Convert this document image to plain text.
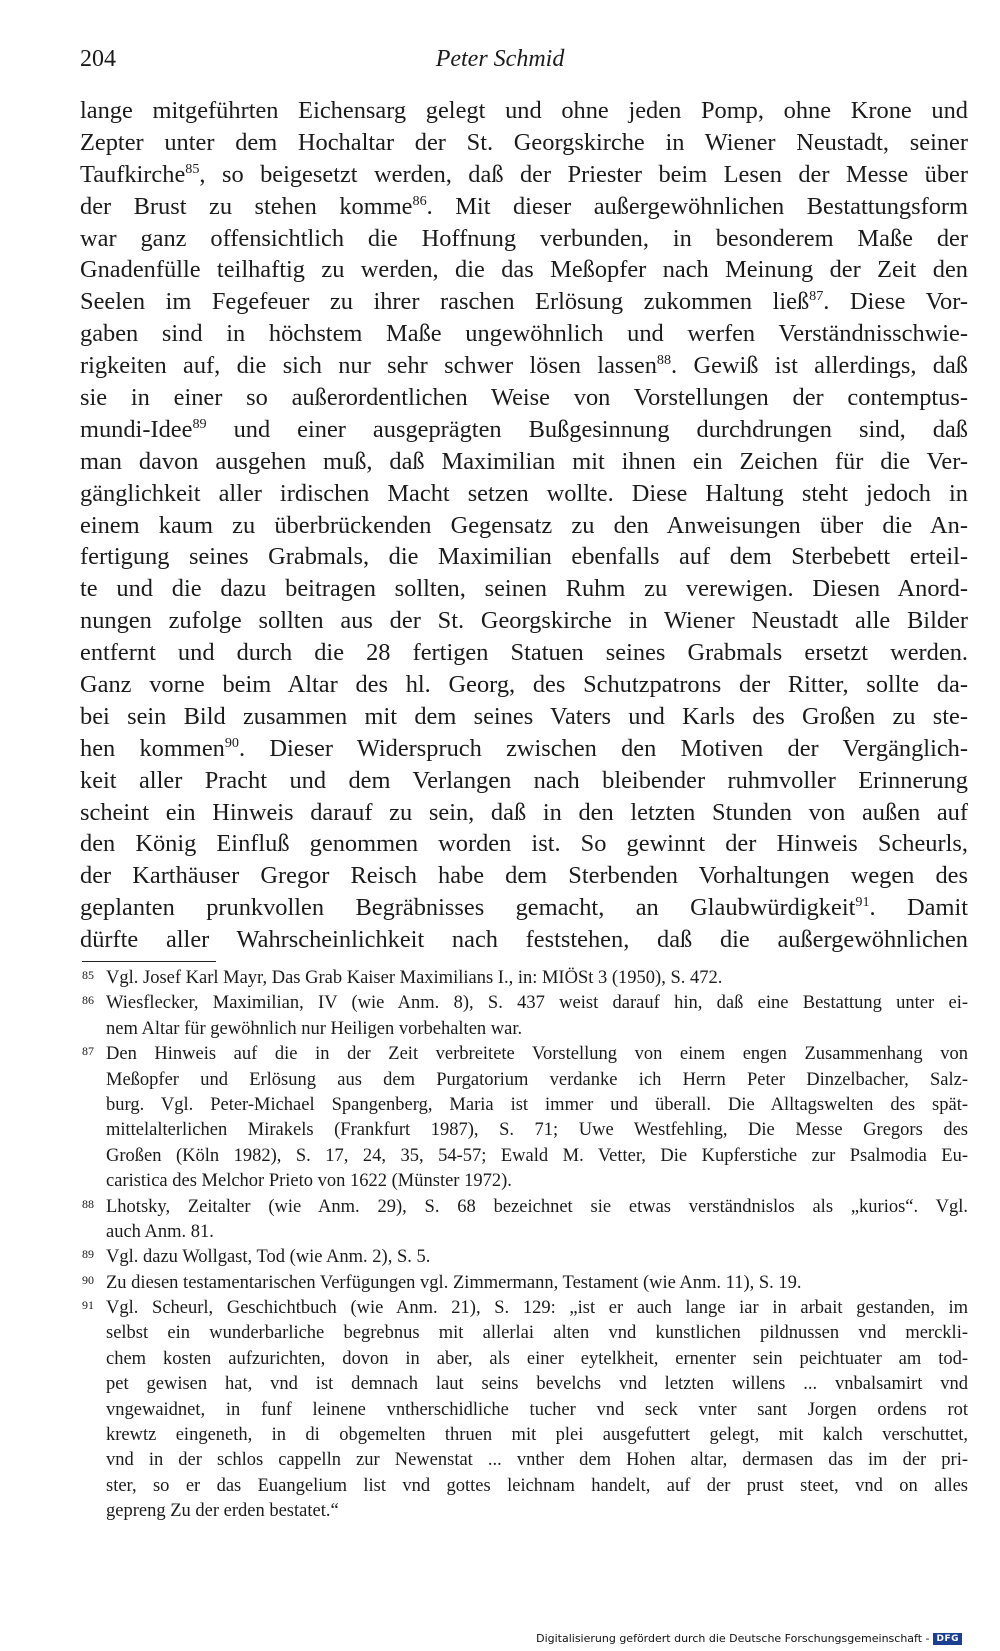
204	Peter Schmid
lange mitgeführten Eichensarg gelegt und ohne jeden Pomp, ohne Krone und
Zepter unter dem Hochaltar der St. Georgskirche in Wiener Neustadt, seiner
Taufkirche$^{85}$, so beigesetzt werden, daß der Priester beim Lesen der Messe über
der Brust zu stehen komme$^{86}$. Mit dieser außergewöhnlichen Bestattungsform
war ganz offensichtlich die Hoffnung verbunden, in besonderem Maße der
Gnadenfülle teilhaftig zu werden, die das Meßopfer nach Meinung der Zeit den
Seelen im Fegefeuer zu ihrer raschen Erlösung zukommen ließ$^{87}$. Diese Vor-
gaben sind in höchstem Maße ungewöhnlich und werfen Verständnisschwie-
rigkeiten auf, die sich nur sehr schwer lösen lassen$^{88}$. Gewiß ist allerdings, daß
sie in einer so außerordentlichen Weise von Vorstellungen der contemptus-
mundi-Idee$^{89}$ und einer ausgeprägten Bußgesinnung durchdrungen sind, daß
man davon ausgehen muß, daß Maximilian mit ihnen ein Zeichen für die Ver-
gänglichkeit aller irdischen Macht setzen wollte. Diese Haltung steht jedoch in
einem kaum zu überbrückenden Gegensatz zu den Anweisungen über die An-
fertigung seines Grabmals, die Maximilian ebenfalls auf dem Sterbebett erteil-
te und die dazu beitragen sollten, seinen Ruhm zu verewigen. Diesen Anord-
nungen zufolge sollten aus der St. Georgskirche in Wiener Neustadt alle Bilder
entfernt und durch die 28 fertigen Statuen seines Grabmals ersetzt werden.
Ganz vorne beim Altar des hl. Georg, des Schutzpatrons der Ritter, sollte da-
bei sein Bild zusammen mit dem seines Vaters und Karls des Großen zu ste-
hen kommen$^{90}$. Dieser Widerspruch zwischen den Motiven der Vergänglich-
keit aller Pracht und dem Verlangen nach bleibender ruhmvoller Erinnerung
scheint ein Hinweis darauf zu sein, daß in den letzten Stunden von außen auf
den König Einfluß genommen worden ist. So gewinnt der Hinweis Scheurls,
der Karthäuser Gregor Reisch habe dem Sterbenden Vorhaltungen wegen des
geplanten prunkvollen Begräbnisses gemacht, an Glaubwürdigkeit$^{91}$. Damit
dürfte aller Wahrscheinlichkeit nach feststehen, daß die außergewöhnlichen
85 Vgl. Josef Karl Mayr, Das Grab Kaiser Maximilians I., in: MIÖSt 3 (1950), S. 472.
86 Wiesflecker, Maximilian, IV (wie Anm. 8), S. 437 weist darauf hin, daß eine Bestattung unter ei-
nem Altar für gewöhnlich nur Heiligen vorbehalten war.
87 Den Hinweis auf die in der Zeit verbreitete Vorstellung von einem engen Zusammenhang von
Meßopfer und Erlösung aus dem Purgatorium verdanke ich Herrn Peter Dinzelbacher, Salz-
burg. Vgl. Peter-Michael Spangenberg, Maria ist immer und überall. Die Alltagswelten des spät-
mittelalterlichen Mirakels (Frankfurt 1987), S. 71; Uwe Westfehling, Die Messe Gregors des
Großen (Köln 1982), S. 17, 24, 35, 54-57; Ewald M. Vetter, Die Kupferstiche zur Psalmodia Eu-
caristica des Melchor Prieto von 1622 (Münster 1972).
88 Lhotsky, Zeitalter (wie Anm. 29), S. 68 bezeichnet sie etwas verständnislos als „kurios“. Vgl.
auch Anm. 81.
89 Vgl. dazu Wollgast, Tod (wie Anm. 2), S. 5.
90 Zu diesen testamentarischen Verfügungen vgl. Zimmermann, Testament (wie Anm. 11), S. 19.
91 Vgl. Scheurl, Geschichtbuch (wie Anm. 21), S. 129: „ist er auch lange iar in arbait gestanden, im
selbst ein wunderbarliche begrebnus mit allerlai alten vnd kunstlichen pildnussen vnd merckli-
chem kosten aufzurichten, dovon in aber, als einer eytelkheit, ernenter sein peichtuater am tod-
pet gewisen hat, vnd ist demnach laut seins bevelchs vnd letzten willens ... vnbalsamirt vnd
vngewaidnet, in funf leinene vntherschidliche tucher vnd seck vnter sant Jorgen ordens rot
krewtz eingeneth, in di obgemelten thruen mit plei ausgefuttert gelegt, mit kalch verschuttet,
vnd in der schlos cappelln zur Newenstat ... vnther dem Hohen altar, dermasen das im der pri-
ster, so er das Euangelium list vnd gottes leichnam handelt, auf der prust steet, vnd on alles
gepreng Zu der erden bestatet.“
Digitalisierung gefördert durch die Deutsche Forschungsgemeinschaft - DFG
